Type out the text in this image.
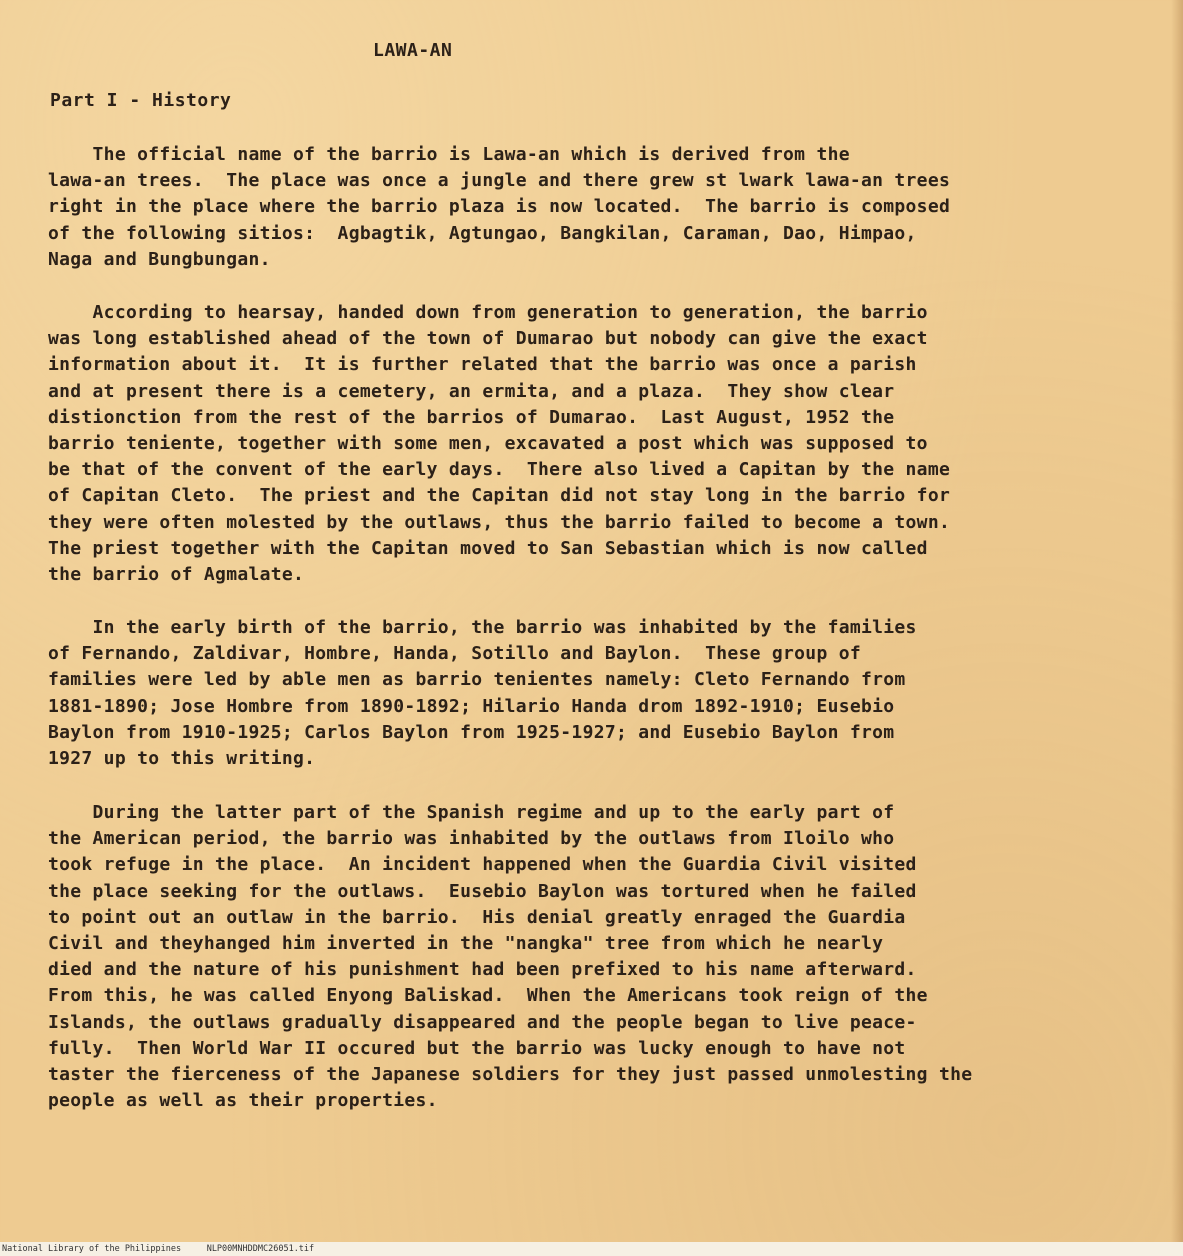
LAWA-AN
Part I - History
The official name of the barrio is Lawa-an which is derived from the
lawa-an trees.  The place was once a jungle and there grew st lwark lawa-an trees
right in the place where the barrio plaza is now located.  The barrio is composed
of the following sitios:  Agbagtik, Agtungao, Bangkilan, Caraman, Dao, Himpao,
Naga and Bungbungan.
According to hearsay, handed down from generation to generation, the barrio
was long established ahead of the town of Dumarao but nobody can give the exact
information about it.  It is further related that the barrio was once a parish
and at present there is a cemetery, an ermita, and a plaza.  They show clear
distionction from the rest of the barrios of Dumarao.  Last August, 1952 the
barrio teniente, together with some men, excavated a post which was supposed to
be that of the convent of the early days.  There also lived a Capitan by the name
of Capitan Cleto.  The priest and the Capitan did not stay long in the barrio for
they were often molested by the outlaws, thus the barrio failed to become a town.
The priest together with the Capitan moved to San Sebastian which is now called
the barrio of Agmalate.
In the early birth of the barrio, the barrio was inhabited by the families
of Fernando, Zaldivar, Hombre, Handa, Sotillo and Baylon.  These group of
families were led by able men as barrio tenientes namely: Cleto Fernando from
1881-1890; Jose Hombre from 1890-1892; Hilario Handa drom 1892-1910; Eusebio
Baylon from 1910-1925; Carlos Baylon from 1925-1927; and Eusebio Baylon from
1927 up to this writing.
During the latter part of the Spanish regime and up to the early part of
the American period, the barrio was inhabited by the outlaws from Iloilo who
took refuge in the place.  An incident happened when the Guardia Civil visited
the place seeking for the outlaws.  Eusebio Baylon was tortured when he failed
to point out an outlaw in the barrio.  His denial greatly enraged the Guardia
Civil and theyhanged him inverted in the "nangka" tree from which he nearly
died and the nature of his punishment had been prefixed to his name afterward.
From this, he was called Enyong Baliskad.  When the Americans took reign of the
Islands, the outlaws gradually disappeared and the people began to live peace-
fully.  Then World War II occured but the barrio was lucky enough to have not
taster the fierceness of the Japanese soldiers for they just passed unmolesting the
people as well as their properties.
National Library of the Philippines     NLP00MNHDDMC26051.tif
